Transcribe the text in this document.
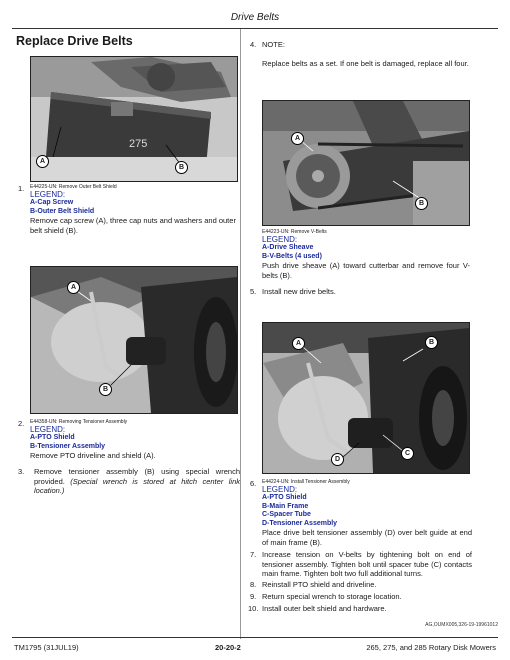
Drive Belts
Replace Drive Belts
275
A
B
E44225-UN: Remove Outer Belt Shield
LEGEND:
A-Cap Screw
B-Outer Belt Shield
Remove cap screw (A), three cap nuts and washers and outer belt shield (B).
1.
A
B
E44358-UN: Removing Tensioner Assembly
LEGEND:
A-PTO Shield
B-Tensioner Assembly
Remove PTO driveline and shield (A).
2.
3. Remove tensioner assembly (B) using special wrench provided. (Special wrench is stored at hitch center link location.)
4. NOTE:
Replace belts as a set. If one belt is damaged, replace all four.
A
B
E44223-UN: Remove V-Belts
LEGEND:
A-Drive Sheave
B-V-Belts (4 used)
Push drive sheave (A) toward cutterbar and remove four V-belts (B).
5. Install new drive belts.
A	B
C
D
E44224-UN: Install Tensioner Assembly
LEGEND:
A-PTO Shield
B-Main Frame
C-Spacer Tube
D-Tensioner Assembly
Place drive belt tensioner assembly (D) over belt guide at end of main frame (B).
6.
7. Increase tension on V-belts by tightening bolt on end of tensioner assembly. Tighten bolt until spacer tube (C) contacts main frame. Tighten bolt two full additional turns.
8. Reinstall PTO shield and driveline.
9. Return special wrench to storage location.
10. Install outer belt shield and hardware.
AG,OUMX005,326-19-19961012
TM1795 (31JUL19)	20-20-2	265, 275, and 285 Rotary Disk Mowers
